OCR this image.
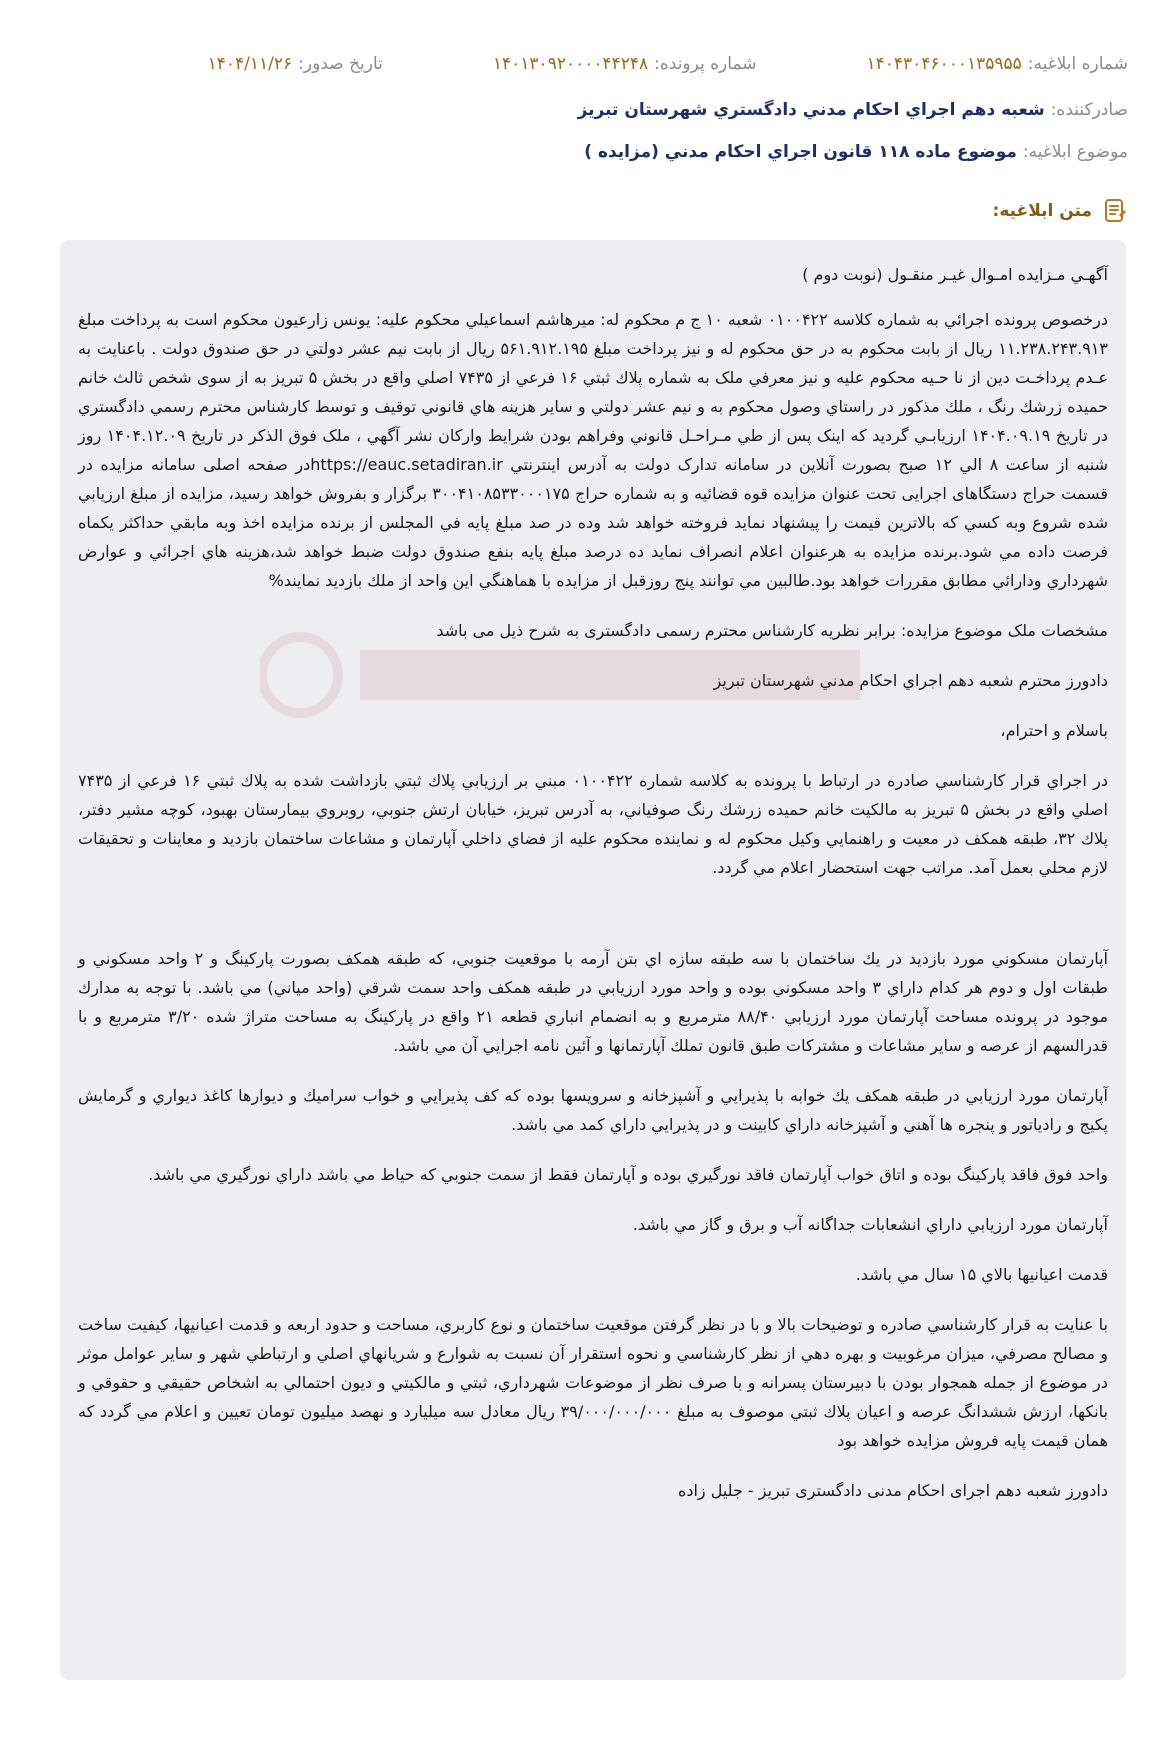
شماره ابلاغيه:
۱۴۰۴۳۰۴۶۰۰۰۱۳۵۹۵۵
شماره پرونده:
۱۴۰۱۳۰۹۲۰۰۰۰۴۴۲۴۸
تاريخ صدور:
۱۴۰۴/۱۱/۲۶
صادرکننده:
شعبه دهم اجراي احکام مدني دادگستري شهرستان تبريز
موضوع ابلاغيه:
موضوع ماده ۱۱۸ قانون اجراي احکام مدني (مزايده )
متن ابلاغيه:

آگهـي مـزايده امـوال غيـر منقـول (نوبت دوم )

درخصوص پرونده اجرائي به شماره كلاسه ۰۱۰۰۴۲۲ شعبه ۱۰ ج م محكوم له: ميرهاشم اسماعيلي محكوم عليه: يونس زارعيون محكوم است به پرداخت مبلغ ۱۱.۲۳۸.۲۴۳.۹۱۳ ريال از بابت محکوم به در حق محکوم له و نيز پرداخت مبلغ ۵۶۱.۹۱۲.۱۹۵ ريال از بابت نيم عشر دولتي در حق صندوق دولت . باعنايت به عـدم پرداخـت دين از نا حـيه محكوم عليه و نيز معرفي ملک به شماره پلاك ثبتي ۱۶ فرعي از ۷۴۳۵ اصلي واقع در بخش ۵ تبريز به از سوی شخص ثالث خانم حميده زرشك رنگ ، ملك مذكور در راستاي وصول محكوم به و نيم عشر دولتي و ساير هزينه هاي قانوني توقيف و توسط كارشناس محترم رسمي دادگستري در تاريخ ۱۴۰۴.۰۹.۱۹ ارزيابـي گرديد كه اينک پس از طي مـراحـل قانوني وفراهم بودن شرايط واركان نشر آگهي ، ملک فوق الذکر در تاريخ ۱۴۰۴.۱۲.۰۹ روز شنبه از ساعت ۸ الي ۱۲ صبح بصورت آنلاين در سامانه تدارک دولت به آدرس اينترنتي https://eauc.setadiran.irدر صفحه اصلی سامانه مزايده در قسمت حراج دستگاهای اجرايی تحت عنوان مزايده قوه قضائيه و به شماره حراج ۳۰۰۴۱۰۸۵۳۳۰۰۰۱۷۵ برگزار و بفروش خواهد رسيد، مزايده از مبلغ ارزيابي شده شروع وبه كسي كه بالاترين قيمت را پيشنهاد نمايد فروخته خواهد شد وده در صد مبلغ پايه في المجلس از برنده مزايده اخذ وبه مابقي حداكثر يكماه فرصت داده مي شود.برنده مزايده به هرعنوان اعلام انصراف نمايد ده درصد مبلغ پايه بنفع صندوق دولت ضبط خواهد شد،هزينه هاي اجرائي و عوارض شهرداري ودارائي مطابق مقررات خواهد بود.طالبين مي توانند پنج روزقبل از مزايده با هماهنگي اين واحد از ملك بازديد نمايند%

مشخصات ملک موضوع مزايده: برابر نظريه کارشناس محترم رسمی دادگستری به شرح ذيل می باشد

دادورز محترم شعبه دهم اجراي احكام مدني شهرستان تبريز

باسلام و احترام،

در اجراي قرار كارشناسي صادره در ارتباط با پرونده به كلاسه شماره ۰۱۰۰۴۲۲ مبني بر ارزيابي پلاك ثبتي بازداشت شده به پلاك ثبتي ۱۶ فرعي از ۷۴۳۵ اصلي واقع در بخش ۵ تبريز به مالكيت خانم حميده زرشك رنگ صوفياني، به آدرس تبريز، خيابان ارتش جنوبي، روبروي بيمارستان بهبود، كوچه مشير دفتر، پلاك ۳۲، طبقه همكف در معيت و راهنمايي وكيل محكوم له و نماينده محكوم عليه از فضاي داخلي آپارتمان و مشاعات ساختمان بازديد و معاينات و تحقيقات لازم محلي بعمل آمد. مراتب جهت استحضار اعلام مي گردد.

آپارتمان مسكوني مورد بازديد در يك ساختمان با سه طبقه سازه اي بتن آرمه با موقعيت جنوبي، كه طبقه همكف بصورت پاركينگ و ۲ واحد مسكوني و طبقات اول و دوم هر كدام داراي ۳ واحد مسكوني بوده و واحد مورد ارزيابي در طبقه همكف واحد سمت شرقي (واحد مياني) مي باشد. با توجه به مدارك موجود در پرونده مساحت آپارتمان مورد ارزيابي ۸۸/۴۰ مترمربع و به انضمام انباري قطعه ۲۱ واقع در پاركينگ به مساحت متراژ شده ۳/۲۰ مترمربع و با قدرالسهم از عرصه و ساير مشاعات و مشتركات طبق قانون تملك آپارتمانها و آئين نامه اجرايي آن مي باشد.

آپارتمان مورد ارزيابي در طبقه همكف يك خوابه با پذيرايي و آشپزخانه و سرويسها بوده كه كف پذيرايي و خواب سراميك و ديوارها كاغذ ديواري و گرمايش پكيج و رادياتور و پنجره ها آهني و آشپزخانه داراي كابينت و در پذيرايي داراي كمد مي باشد.

واحد فوق فاقد پاركينگ بوده و اتاق خواب آپارتمان فاقد نورگيري بوده و آپارتمان فقط از سمت جنوبي كه حياط مي باشد داراي نورگيري مي باشد.

آپارتمان مورد ارزيابي داراي انشعابات جداگانه آب و برق و گاز مي باشد.

قدمت اعيانيها بالاي ۱۵ سال مي باشد.

با عنايت به قرار كارشناسي صادره و توضيحات بالا و با در نظر گرفتن موقعيت ساختمان و نوع كاربري، مساحت و حدود اربعه و قدمت اعيانيها، كيفيت ساخت و مصالح مصرفي، ميزان مرغوبيت و بهره دهي از نظر كارشناسي و نحوه استقرار آن نسبت به شوارع و شريانهاي اصلي و ارتباطي شهر و ساير عوامل موثر در موضوع از جمله همجوار بودن با دبيرستان پسرانه و با صرف نظر از موضوعات شهرداري، ثبتي و مالكيتي و ديون احتمالي به اشخاص حقيقي و حقوقي و بانكها، ارزش ششدانگ عرصه و اعيان پلاك ثبتي موصوف به مبلغ ۳۹/۰۰۰/۰۰۰/۰۰۰ ريال معادل سه ميليارد و نهصد ميليون تومان تعيين و اعلام مي گردد كه همان قيمت پايه فروش مزايده خواهد بود

دادورز شعبه دهم اجرای احکام مدنی دادگستری تبریز - جلیل زاده
